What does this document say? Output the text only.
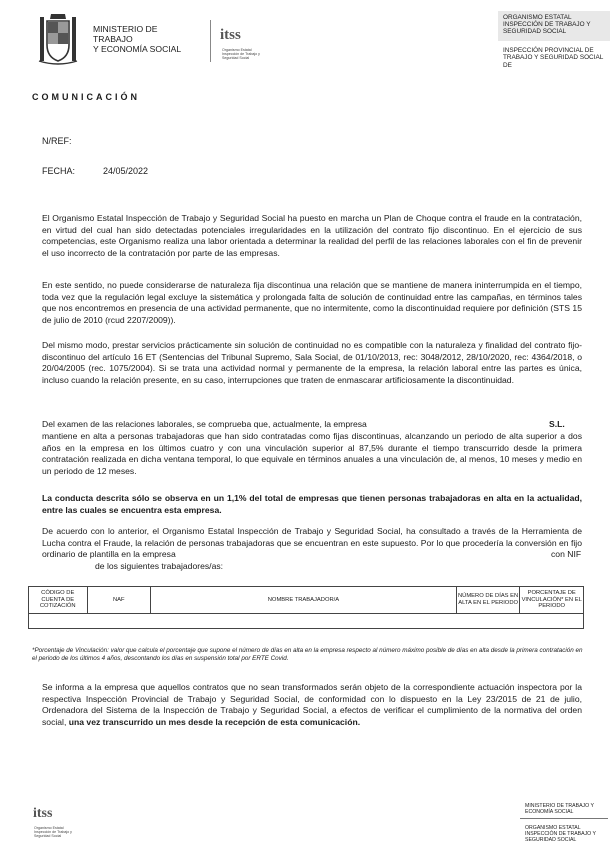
MINISTERIO DE
TRABAJO
Y ECONOMÍA SOCIAL
itss
Organismo Estatal Inspección de Trabajo y Seguridad Social
ORGANISMO ESTATAL INSPECCIÓN DE TRABAJO Y SEGURIDAD SOCIAL
INSPECCIÓN PROVINCIAL DE TRABAJO Y SEGURIDAD SOCIAL DE
COMUNICACIÓN
N/REF:
FECHA:	24/05/2022
El Organismo Estatal Inspección de Trabajo y Seguridad Social ha puesto en marcha un Plan de Choque contra el fraude en la contratación, en virtud del cual han sido detectadas potenciales irregularidades en la utilización del contrato fijo discontinuo. En el ejercicio de sus competencias, este Organismo realiza una labor orientada a determinar la realidad del perfil de las relaciones laborales con el fin de prevenir el uso incorrecto de la contratación por parte de las empresas.
En este sentido, no puede considerarse de naturaleza fija discontinua una relación que se mantiene de manera ininterrumpida en el tiempo, toda vez que la regulación legal excluye la sistemática y prolongada falta de solución de continuidad entre las campañas, en términos tales que nos encontremos en presencia de una actividad permanente, que no intermitente, como la discontinuidad requiere por definición (STS 15 de julio de 2010 (rcud 2207/2009)).
Del mismo modo, prestar servicios prácticamente sin solución de continuidad no es compatible con la naturaleza y finalidad del contrato fijo-discontinuo del artículo 16 ET (Sentencias del Tribunal Supremo, Sala Social, de 01/10/2013, rec: 3048/2012, 28/10/2020, rec: 4364/2018, o 20/04/2005 (rec. 1075/2004). Si se trata una actividad normal y permanente de la empresa, la relación laboral entre las partes es única, incluso cuando la relación presente, en su caso, interrupciones que traten de enmascarar artificiosamente la discontinuidad.
Del examen de las relaciones laborales, se comprueba que, actualmente, la empresa	S.L.
mantiene en alta a personas trabajadoras que han sido contratadas como fijas discontinuas, alcanzando un periodo de alta superior a dos años en la empresa en los últimos cuatro y con una vinculación superior al 87,5% durante el tiempo transcurrido desde la primera contratación realizada en dicha ventana temporal, lo que equivale en términos anuales a una vinculación de, al menos, 10 meses y medio en un periodo de 12 meses.
La conducta descrita sólo se observa en un 1,1% del total de empresas que tienen personas trabajadoras en alta en la actualidad, entre las cuales se encuentra esta empresa.
De acuerdo con lo anterior, el Organismo Estatal Inspección de Trabajo y Seguridad Social, ha consultado a través de la Herramienta de Lucha contra el Fraude, la relación de personas trabajadoras que se encuentran en este supuesto. Por lo que procedería la conversión en fijo ordinario de plantilla en la empresa	con NIF
de los siguientes trabajadores/as:
CÓDIGO DE CUENTA DE COTIZACIÓN	NAF	NOMBRE TRABAJADOR/A	NÚMERO DE DÍAS EN ALTA EN EL PERIODO	PORCENTAJE DE VINCULACIÓN* EN EL PERIODO

*Porcentaje de Vinculación: valor que calcula el porcentaje que supone el número de días en alta en la empresa respecto al número máximo posible de días en alta desde la primera contratación en el periodo de los últimos 4 años, descontando los días en suspensión total por ERTE Covid.
Se informa a la empresa que aquellos contratos que no sean transformados serán objeto de la correspondiente actuación inspectora por la respectiva Inspección Provincial de Trabajo y Seguridad Social, de conformidad con lo dispuesto en la Ley 23/2015 de 21 de julio, Ordenadora del Sistema de la Inspección de Trabajo y Seguridad Social, a efectos de verificar el cumplimiento de la normativa del orden social, una vez transcurrido un mes desde la recepción de esta comunicación.
itss
Organismo Estatal Inspección de Trabajo y Seguridad Social
MINISTERIO DE TRABAJO Y ECONOMÍA SOCIAL
ORGANISMO ESTATAL INSPECCIÓN DE TRABAJO Y SEGURIDAD SOCIAL
